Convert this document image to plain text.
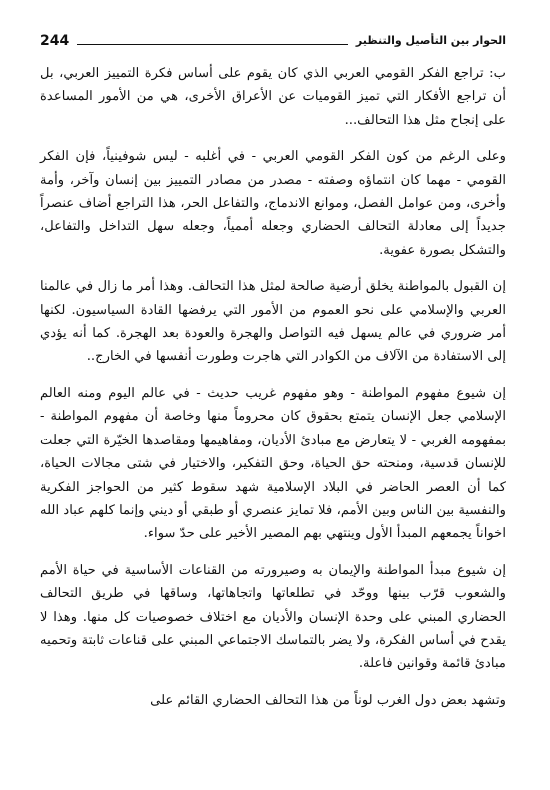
244	الحوار بين التأصيل والتنظير

ب: تراجع الفكر القومي العربي الذي كان يقوم على أساس فكرة التمييز العربي، بل أن تراجع الأفكار التي تميز القوميات عن الأعراق الأخرى، هي من الأمور المساعدة على إنجاح مثل هذا التحالف...

وعلى الرغم من كون الفكر القومي العربي - في أغلبه - ليس شوفينياً، فإن الفكر القومي - مهما كان انتماؤه وصفته - مصدر من مصادر التمييز بين إنسان وآخر، وأمة وأخرى، ومن عوامل الفصل، وموانع الاندماج، والتفاعل الحر، هذا التراجع أضاف عنصراً جديداً إلى معادلة التحالف الحضاري وجعله أممياً، وجعله سهل التداخل والتفاعل، والتشكل بصورة عفوية.

إن القبول بالمواطنة يخلق أرضية صالحة لمثل هذا التحالف. وهذا أمر ما زال في عالمنا العربي والإسلامي على نحو العموم من الأمور التي يرفضها القادة السياسيون. لكنها أمر ضروري في عالم يسهل فيه التواصل والهجرة والعودة بعد الهجرة. كما أنه يؤدي إلى الاستفادة من الآلاف من الكوادر التي هاجرت وطورت أنفسها في الخارج..

إن شيوع مفهوم المواطنة - وهو مفهوم غريب حديث - في عالم اليوم ومنه العالم الإسلامي جعل الإنسان يتمتع بحقوق كان محروماً منها وخاصة أن مفهوم المواطنة - بمفهومه الغربي - لا يتعارض مع مبادئ الأديان، ومفاهيمها ومقاصدها الخيّرة التي جعلت للإنسان قدسية، ومنحته حق الحياة، وحق التفكير، والاختيار في شتى مجالات الحياة، كما أن العصر الحاضر في البلاد الإسلامية شهد سقوط كثير من الحواجز الفكرية والنفسية بين الناس وبين الأمم، فلا تمايز عنصري أو طبقي أو ديني وإنما كلهم عباد الله اخواناً يجمعهم المبدأ الأول وينتهي بهم المصير الأخير على حدّ سواء.

إن شيوع مبدأ المواطنة والإيمان به وصيرورته من القناعات الأساسية في حياة الأمم والشعوب قرّب بينها ووحّد في تطلعاتها واتجاهاتها، وساقها في طريق التحالف الحضاري المبني على وحدة الإنسان والأديان مع اختلاف خصوصيات كل منها. وهذا لا يقدح في أساس الفكرة، ولا يضر بالتماسك الاجتماعي المبني على قناعات ثابتة وتحميه مبادئ قائمة وقوانين فاعلة.

وتشهد بعض دول الغرب لوناً من هذا التحالف الحضاري القائم على
